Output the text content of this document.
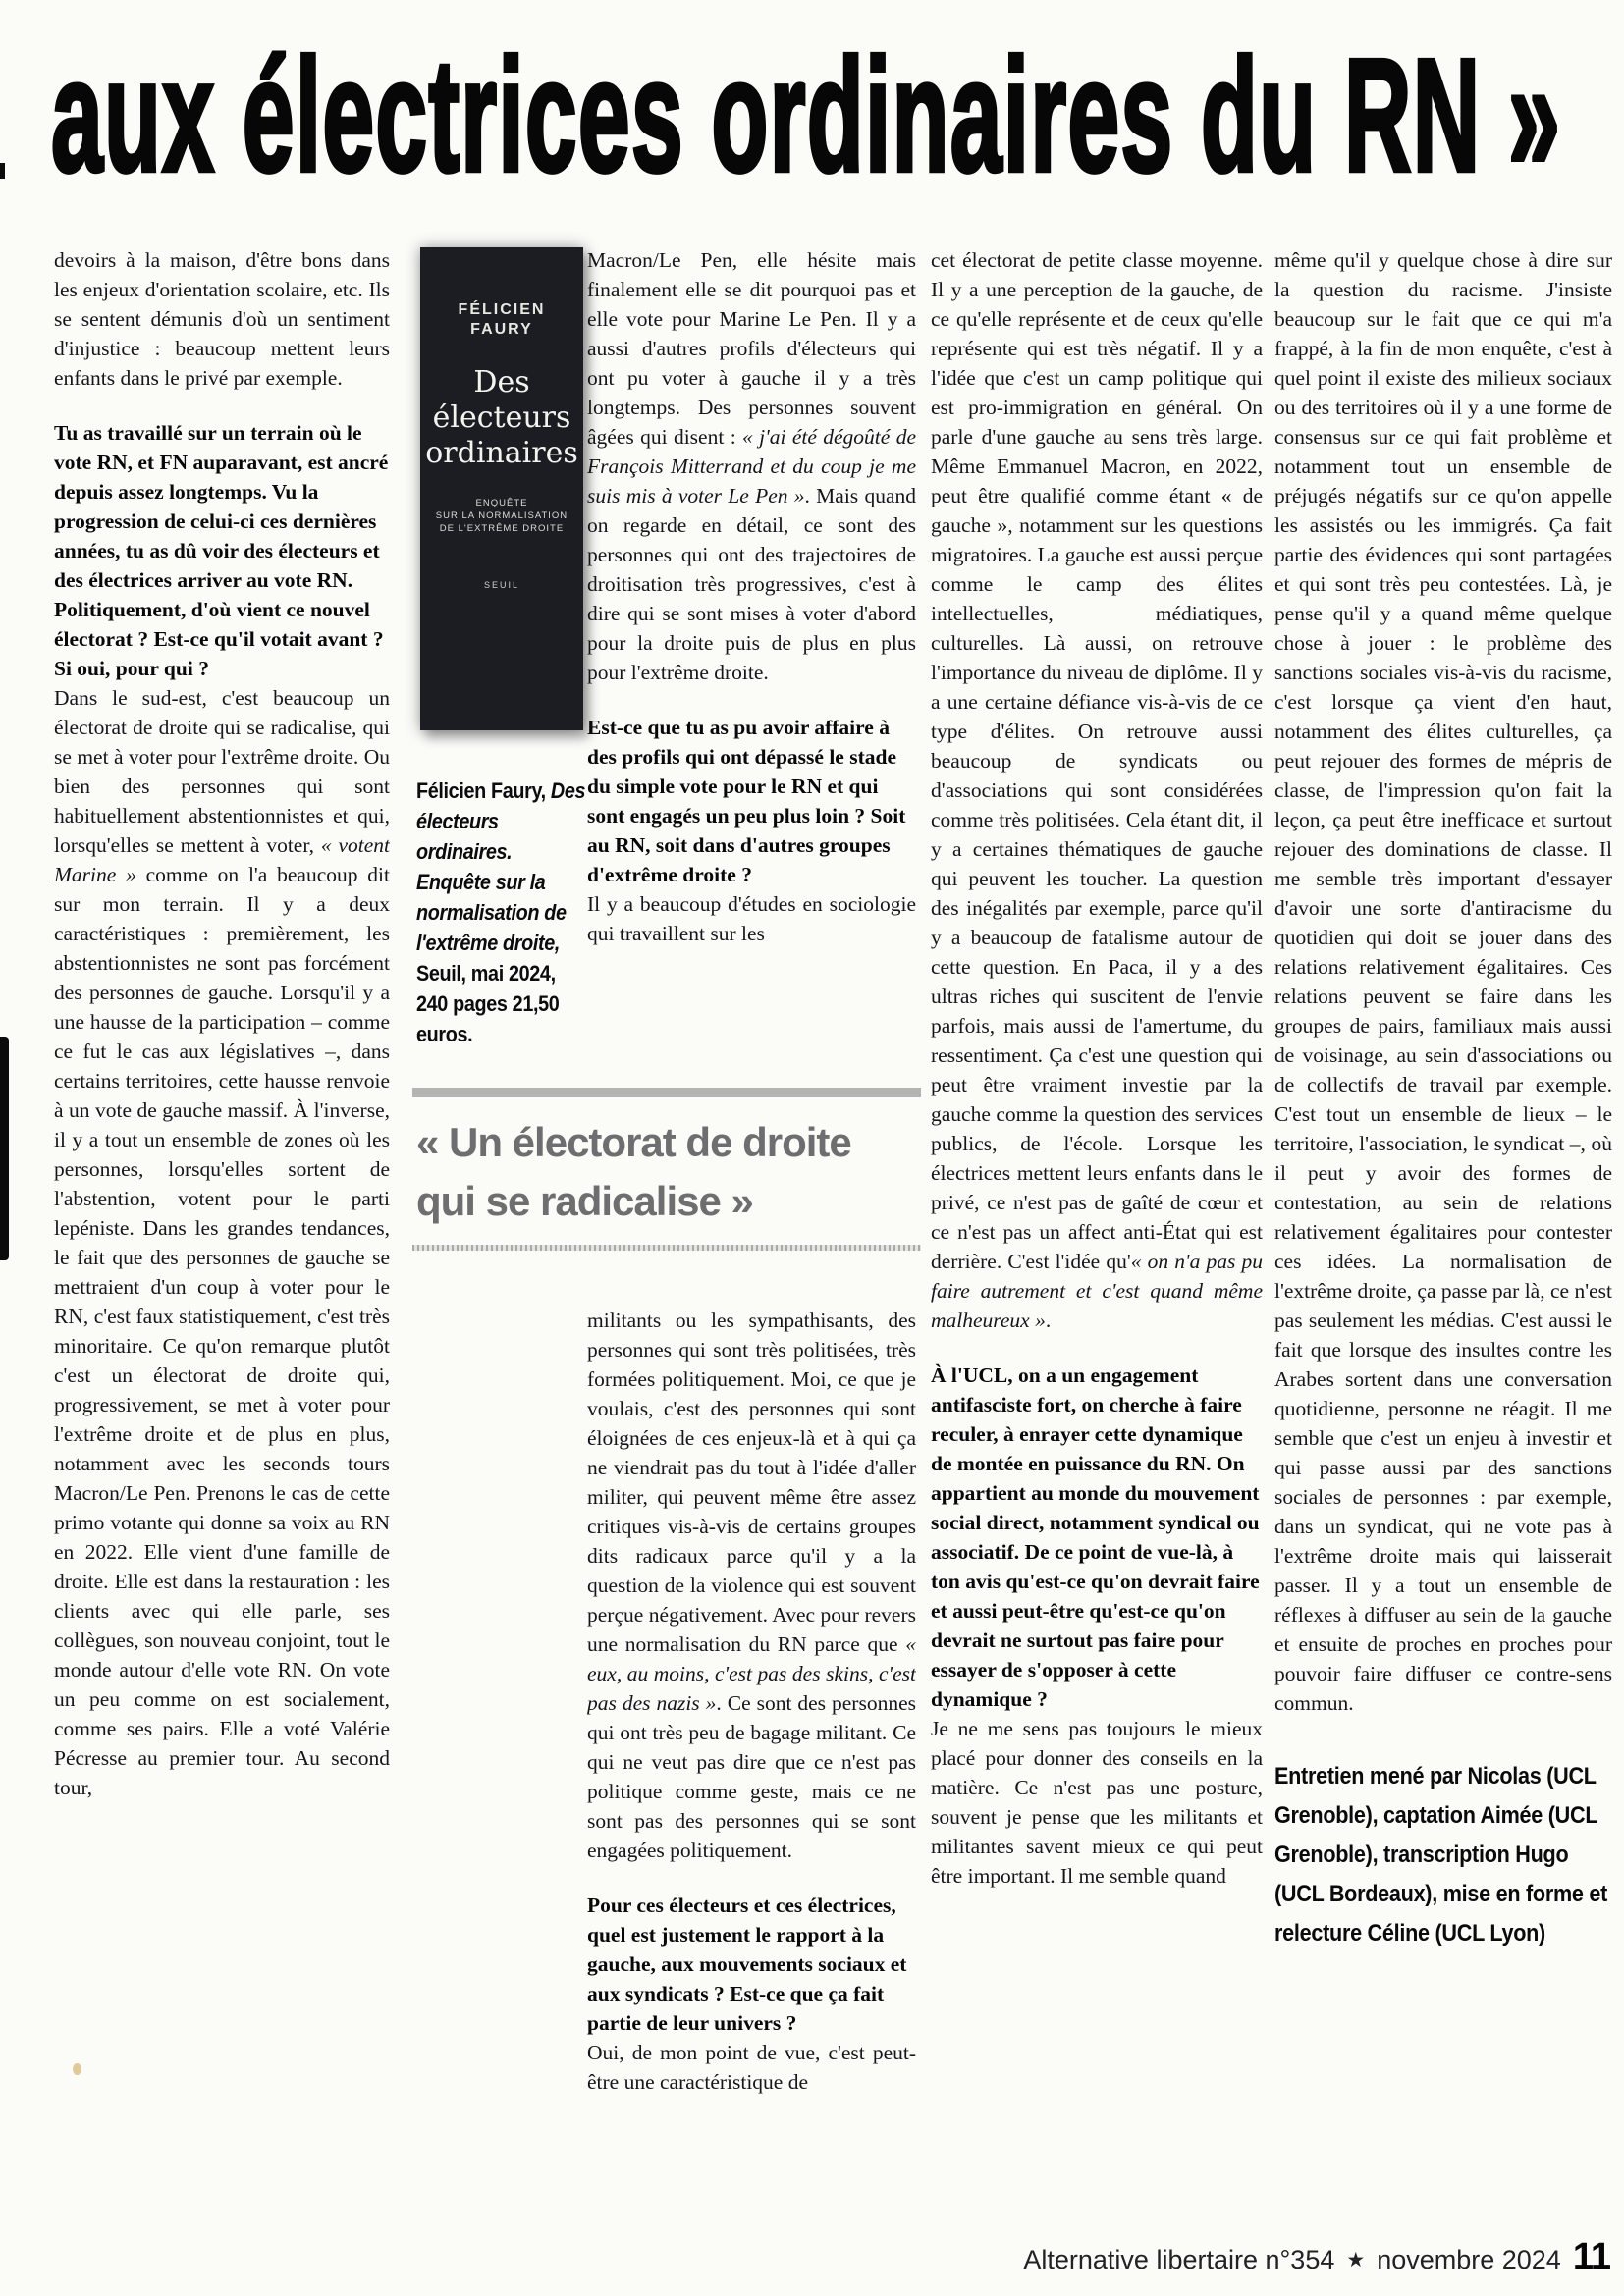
aux électrices ordinaires du RN »

devoirs à la maison, d'être bons dans les enjeux d'orientation scolaire, etc. Ils se sentent démunis d'où un sentiment d'injustice : beaucoup mettent leurs enfants dans le privé par exemple.

Tu as travaillé sur un terrain où le vote RN, et FN auparavant, est ancré depuis assez longtemps. Vu la progression de celui-ci ces dernières années, tu as dû voir des électeurs et des électrices arriver au vote RN. Politiquement, d'où vient ce nouvel électorat ? Est-ce qu'il votait avant ? Si oui, pour qui ?

Dans le sud-est, c'est beaucoup un électorat de droite qui se radicalise, qui se met à voter pour l'extrême droite. Ou bien des personnes qui sont habituellement abstentionnistes et qui, lorsqu'elles se mettent à voter, « votent Marine » comme on l'a beaucoup dit sur mon terrain. Il y a deux caractéristiques : premièrement, les abstentionnistes ne sont pas forcément des personnes de gauche. Lorsqu'il y a une hausse de la participation – comme ce fut le cas aux législatives –, dans certains territoires, cette hausse renvoie à un vote de gauche massif. À l'inverse, il y a tout un ensemble de zones où les personnes, lorsqu'elles sortent de l'abstention, votent pour le parti lepéniste. Dans les grandes tendances, le fait que des personnes de gauche se mettraient d'un coup à voter pour le RN, c'est faux statistiquement, c'est très minoritaire. Ce qu'on remarque plutôt c'est un électorat de droite qui, progressivement, se met à voter pour l'extrême droite et de plus en plus, notamment avec les seconds tours Macron/Le Pen. Prenons le cas de cette primo votante qui donne sa voix au RN en 2022. Elle vient d'une famille de droite. Elle est dans la restauration : les clients avec qui elle parle, ses collègues, son nouveau conjoint, tout le monde autour d'elle vote RN. On vote un peu comme on est socialement, comme ses pairs. Elle a voté Valérie Pécresse au premier tour. Au second tour,

FÉLICIEN
FAURY
Des
électeurs
ordinaires
ENQUÊTE
SUR LA NORMALISATION
DE L'EXTRÊME DROITE
SEUIL

Félicien Faury, Des électeurs ordinaires. Enquête sur la normalisation de l'extrême droite, Seuil, mai 2024, 240 pages 21,50 euros.

Macron/Le Pen, elle hésite mais finalement elle se dit pourquoi pas et elle vote pour Marine Le Pen. Il y a aussi d'autres profils d'électeurs qui ont pu voter à gauche il y a très longtemps. Des personnes souvent âgées qui disent : « j'ai été dégoûté de François Mitterrand et du coup je me suis mis à voter Le Pen ». Mais quand on regarde en détail, ce sont des personnes qui ont des trajectoires de droitisation très progressives, c'est à dire qui se sont mises à voter d'abord pour la droite puis de plus en plus pour l'extrême droite.

Est-ce que tu as pu avoir affaire à des profils qui ont dépassé le stade du simple vote pour le RN et qui sont engagés un peu plus loin ? Soit au RN, soit dans d'autres groupes d'extrême droite ?

Il y a beaucoup d'études en sociologie qui travaillent sur les

« Un électorat de droite
qui se radicalise »

militants ou les sympathisants, des personnes qui sont très politisées, très formées politiquement. Moi, ce que je voulais, c'est des personnes qui sont éloignées de ces enjeux-là et à qui ça ne viendrait pas du tout à l'idée d'aller militer, qui peuvent même être assez critiques vis-à-vis de certains groupes dits radicaux parce qu'il y a la question de la violence qui est souvent perçue négativement. Avec pour revers une normalisation du RN parce que « eux, au moins, c'est pas des skins, c'est pas des nazis ». Ce sont des personnes qui ont très peu de bagage militant. Ce qui ne veut pas dire que ce n'est pas politique comme geste, mais ce ne sont pas des personnes qui se sont engagées politiquement.

Pour ces électeurs et ces électrices, quel est justement le rapport à la gauche, aux mouvements sociaux et aux syndicats ? Est-ce que ça fait partie de leur univers ?

Oui, de mon point de vue, c'est peut-être une caractéristique de

cet électorat de petite classe moyenne. Il y a une perception de la gauche, de ce qu'elle représente et de ceux qu'elle représente qui est très négatif. Il y a l'idée que c'est un camp politique qui est pro-immigration en général. On parle d'une gauche au sens très large. Même Emmanuel Macron, en 2022, peut être qualifié comme étant « de gauche », notamment sur les questions migratoires. La gauche est aussi perçue comme le camp des élites intellectuelles, médiatiques, culturelles. Là aussi, on retrouve l'importance du niveau de diplôme. Il y a une certaine défiance vis-à-vis de ce type d'élites. On retrouve aussi beaucoup de syndicats ou d'associations qui sont considérées comme très politisées. Cela étant dit, il y a certaines thématiques de gauche qui peuvent les toucher. La question des inégalités par exemple, parce qu'il y a beaucoup de fatalisme autour de cette question. En Paca, il y a des ultras riches qui suscitent de l'envie parfois, mais aussi de l'amertume, du ressentiment. Ça c'est une question qui peut être vraiment investie par la gauche comme la question des services publics, de l'école. Lorsque les électrices mettent leurs enfants dans le privé, ce n'est pas de gaîté de cœur et ce n'est pas un affect anti-État qui est derrière. C'est l'idée qu'« on n'a pas pu faire autrement et c'est quand même malheureux ».

À l'UCL, on a un engagement antifasciste fort, on cherche à faire reculer, à enrayer cette dynamique de montée en puissance du RN. On appartient au monde du mouvement social direct, notamment syndical ou associatif. De ce point de vue-là, à ton avis qu'est-ce qu'on devrait faire et aussi peut-être qu'est-ce qu'on devrait ne surtout pas faire pour essayer de s'opposer à cette dynamique ?

Je ne me sens pas toujours le mieux placé pour donner des conseils en la matière. Ce n'est pas une posture, souvent je pense que les militants et militantes savent mieux ce qui peut être important. Il me semble quand

même qu'il y quelque chose à dire sur la question du racisme. J'insiste beaucoup sur le fait que ce qui m'a frappé, à la fin de mon enquête, c'est à quel point il existe des milieux sociaux ou des territoires où il y a une forme de consensus sur ce qui fait problème et notamment tout un ensemble de préjugés négatifs sur ce qu'on appelle les assistés ou les immigrés. Ça fait partie des évidences qui sont partagées et qui sont très peu contestées. Là, je pense qu'il y a quand même quelque chose à jouer : le problème des sanctions sociales vis-à-vis du racisme, c'est lorsque ça vient d'en haut, notamment des élites culturelles, ça peut rejouer des formes de mépris de classe, de l'impression qu'on fait la leçon, ça peut être inefficace et surtout rejouer des dominations de classe. Il me semble très important d'essayer d'avoir une sorte d'antiracisme du quotidien qui doit se jouer dans des relations relativement égalitaires. Ces relations peuvent se faire dans les groupes de pairs, familiaux mais aussi de voisinage, au sein d'associations ou de collectifs de travail par exemple. C'est tout un ensemble de lieux – le territoire, l'association, le syndicat –, où il peut y avoir des formes de contestation, au sein de relations relativement égalitaires pour contester ces idées. La normalisation de l'extrême droite, ça passe par là, ce n'est pas seulement les médias. C'est aussi le fait que lorsque des insultes contre les Arabes sortent dans une conversation quotidienne, personne ne réagit. Il me semble que c'est un enjeu à investir et qui passe aussi par des sanctions sociales de personnes : par exemple, dans un syndicat, qui ne vote pas à l'extrême droite mais qui laisserait passer. Il y a tout un ensemble de réflexes à diffuser au sein de la gauche et ensuite de proches en proches pour pouvoir faire diffuser ce contre-sens commun.

Entretien mené par Nicolas (UCL Grenoble), captation Aimée (UCL Grenoble), transcription Hugo (UCL Bordeaux), mise en forme et relecture Céline (UCL Lyon)

Alternative libertaire n°354 ★ novembre 2024 11
